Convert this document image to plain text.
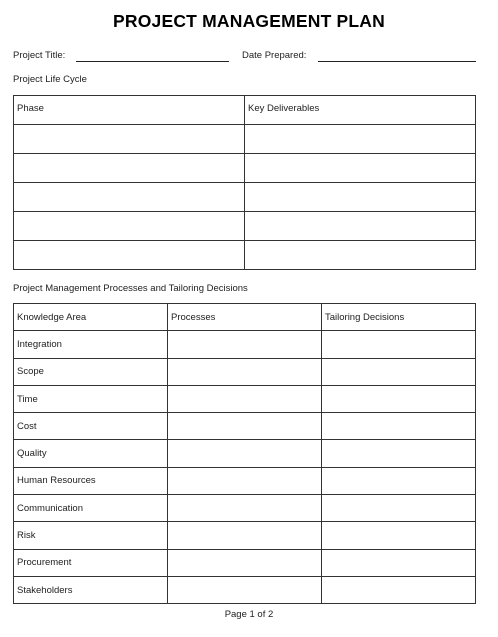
PROJECT MANAGEMENT PLAN
Project Title:	Date Prepared:
Project Life Cycle
Phase	Key Deliverables

Project Management Processes and Tailoring Decisions
Knowledge Area	Processes	Tailoring Decisions
Integration		
Scope		
Time		
Cost		
Quality		
Human Resources		
Communication		
Risk		
Procurement		
Stakeholders		
Page 1 of 2
